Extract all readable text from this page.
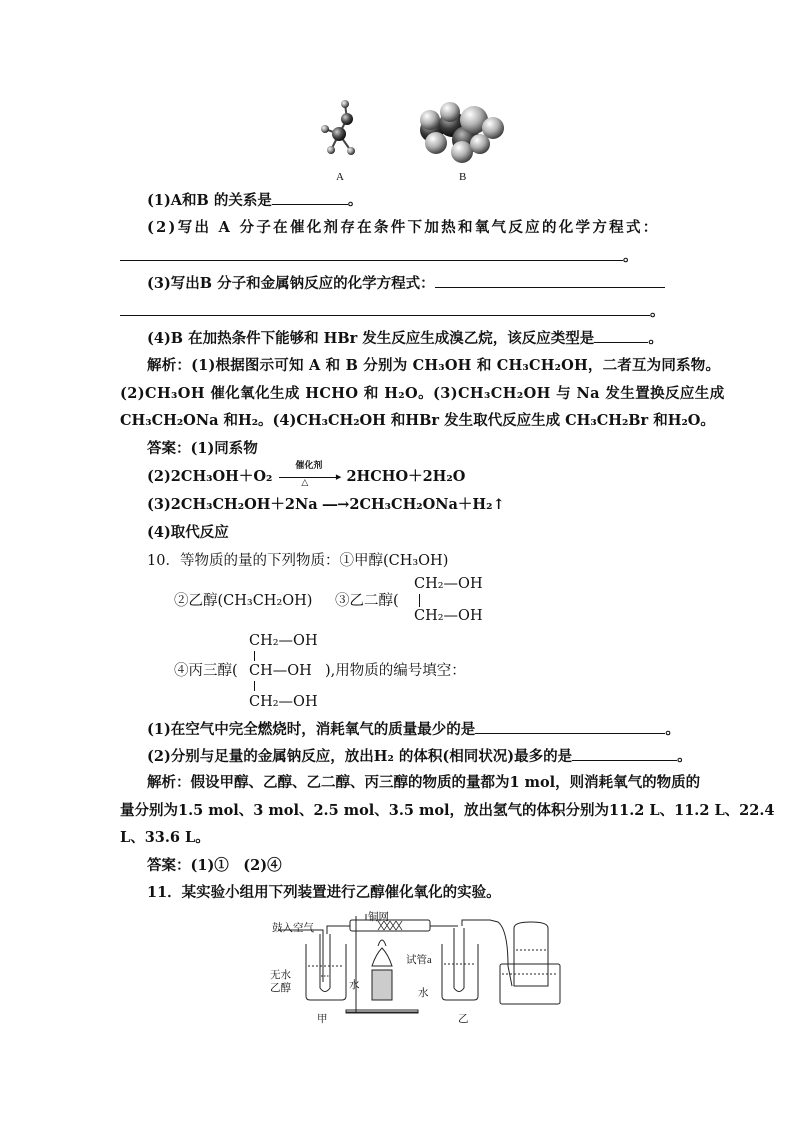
A	B
(1)A和B 的关系是	。
(2)写出 A 分子在催化剂存在条件下加热和氧气反应的化学方程式：
。
(3)写出B 分子和金属钠反应的化学方程式：
。
(4)B 在加热条件下能够和 HBr 发生反应生成溴乙烷，该反应类型是	。
解析：(1)根据图示可知 A 和 B 分别为 CH₃OH 和 CH₃CH₂OH，二者互为同系物。
(2)CH₃OH 催化氧化生成 HCHO 和 H₂O。(3)CH₃CH₂OH 与 Na 发生置换反应生成
CH₃CH₂ONa 和H₂。(4)CH₃CH₂OH 和HBr 发生取代反应生成 CH₃CH₂Br 和H₂O。
答案：(1)同系物
(2)2CH₃OH＋O₂
催化剂
▸
△	2HCHO＋2H₂O
(3)2CH₃CH₂OH＋2Na ―→2CH₃CH₂ONa＋H₂↑
(4)取代反应
10．等物质的量的下列物质：①甲醇(CH₃OH)
②乙醇(CH₃CH₂OH) ③乙二醇(
CH₂—OH
CH₂—OH
CH₂—OH
④丙三醇( CH—OH ),用物质的编号填空：
CH₂—OH
(1)在空气中完全燃烧时，消耗氧气的质量最少的是	。
(2)分别与足量的金属钠反应，放出H₂ 的体积(相同状况)最多的是	。
解析：假设甲醇、乙醇、乙二醇、丙三醇的物质的量都为1 mol，则消耗氧气的物质的
量分别为1.5 mol、3 mol、2.5 mol、3.5 mol，放出氢气的体积分别为11.2 L、11.2 L、22.4
L、33.6 L。
答案：(1)①　(2)④
11．某实验小组用下列装置进行乙醇催化氧化的实验。
鼓入空气
铜网
试管a
无水
乙醇	水
水
甲	乙
